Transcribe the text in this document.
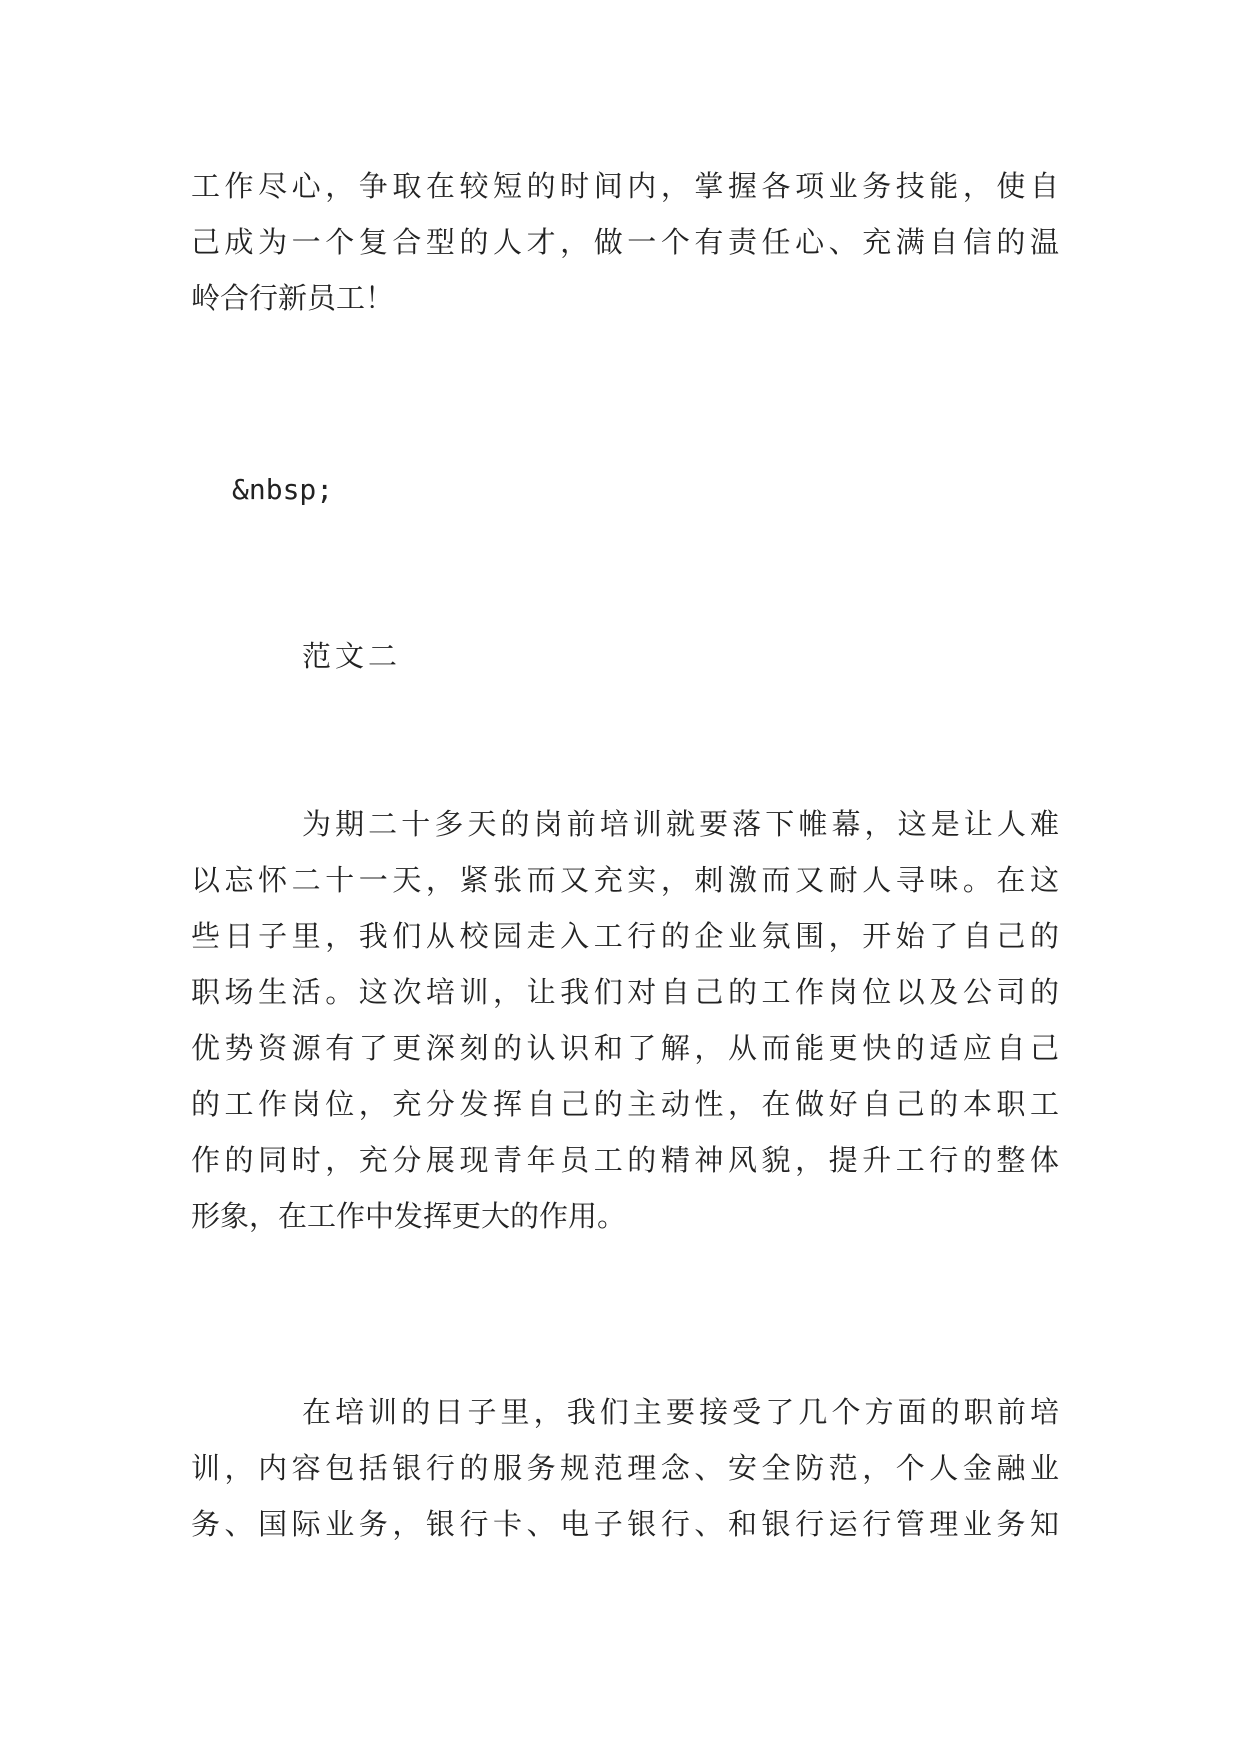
工作尽心，争取在较短的时间内，掌握各项业务技能，使自
己成为一个复合型的人才，做一个有责任心、充满自信的温
岭合行新员工！
&nbsp;
范文二
为期二十多天的岗前培训就要落下帷幕，这是让人难
以忘怀二十一天，紧张而又充实，刺激而又耐人寻味。在这
些日子里，我们从校园走入工行的企业氛围，开始了自己的
职场生活。这次培训，让我们对自己的工作岗位以及公司的
优势资源有了更深刻的认识和了解，从而能更快的适应自己
的工作岗位，充分发挥自己的主动性，在做好自己的本职工
作的同时，充分展现青年员工的精神风貌，提升工行的整体
形象，在工作中发挥更大的作用。
在培训的日子里，我们主要接受了几个方面的职前培
训，内容包括银行的服务规范理念、安全防范，个人金融业
务、国际业务，银行卡、电子银行、和银行运行管理业务知
